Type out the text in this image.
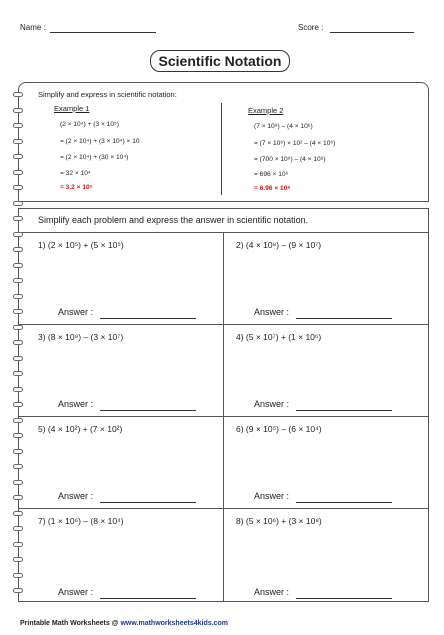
Name :	Score :
Scientific Notation
Simplify and express in scientific notation:
Example 1
(2 × 10⁴) + (3 × 10⁵)
= (2 × 10⁴) + (3 × 10⁴) × 10
= (2 × 10⁴) + (30 × 10⁴)
= 32 × 10⁴
= 3.2 × 10⁵
Example 2
(7 × 10⁸) – (4 × 10⁶)
= (7 × 10⁶) × 10² – (4 × 10⁶)
= (700 × 10⁶) – (4 × 10⁶)
= 696 × 10⁶
= 6.96 × 10⁸
Simplify each problem and express the answer in scientific notation.
1) (2 × 10⁵) + (5 × 10⁵)	2) (4 × 10⁸) – (9 × 10⁷)
Answer :	Answer :
3) (8 × 10⁹) – (3 × 10⁷)	4) (5 × 10⁷) + (1 × 10⁶)
Answer :	Answer :
5) (4 × 10²) + (7 × 10²)	6) (9 × 10⁵) – (6 × 10⁴)
Answer :	Answer :
7) (1 × 10⁶) – (8 × 10⁴)	8) (5 × 10⁶) + (3 × 10⁸)
Answer :	Answer :
Printable Math Worksheets @ www.mathworksheets4kids.com
